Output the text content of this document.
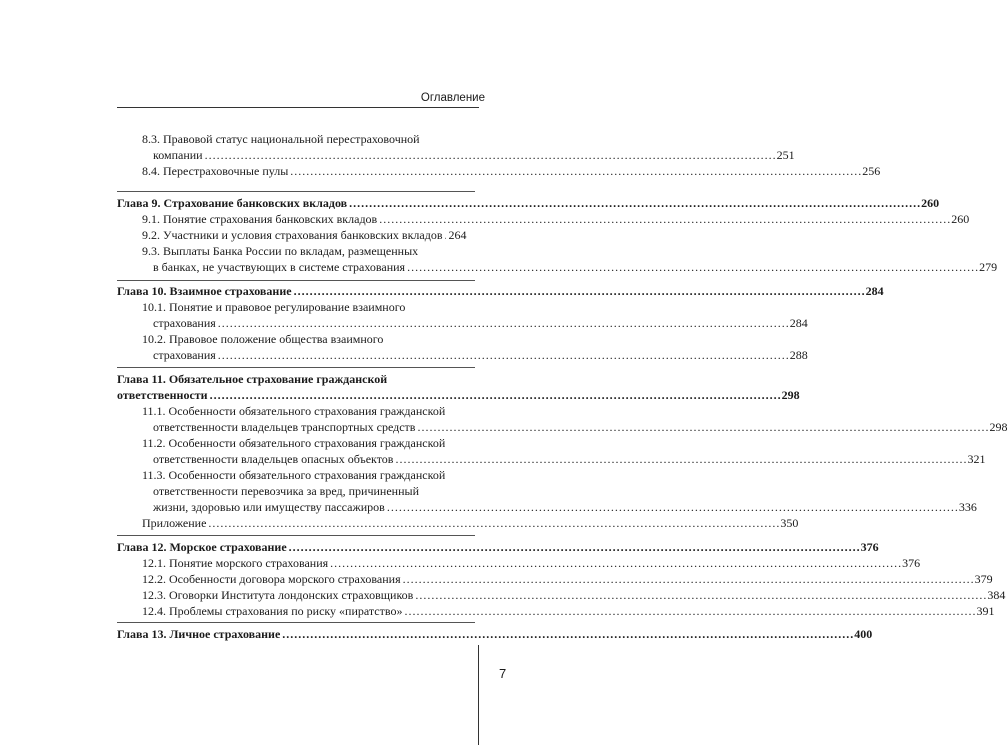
Оглавление
8.3. Правовой статус национальной перестраховочной
компании . . .	251
8.4. Перестраховочные пулы . . .	256
Глава 9. Страхование банковских вкладов . . .	260
9.1. Понятие страхования банковских вкладов . . .	260
9.2. Участники и условия страхования банковских вкладов . . . 264
9.3. Выплаты Банка России по вкладам, размещенных
в банках, не участвующих в системе страхования . . .	279
Глава 10. Взаимное страхование . . .	284
10.1. Понятие и правовое регулирование взаимного
страхования . . .	284
10.2. Правовое положение общества взаимного
страхования . . .	288
Глава 11. Обязательное страхование гражданской
ответственности . . .	298
11.1. Особенности обязательного страхования гражданской
ответственности владельцев транспортных средств . . .	298
11.2. Особенности обязательного страхования гражданской
ответственности владельцев опасных объектов . . .	321
11.3. Особенности обязательного страхования гражданской
ответственности перевозчика за вред, причиненный
жизни, здоровью или имуществу пассажиров . . .	336
Приложение . . .	350
Глава 12. Морское страхование . . .	376
12.1. Понятие морского страхования . . .	376
12.2. Особенности договора морского страхования . . .	379
12.3. Оговорки Института лондонских страховщиков . . .	384
12.4. Проблемы страхования по риску «пиратство» . . .	391
Глава 13. Личное страхование . . .	400
7
